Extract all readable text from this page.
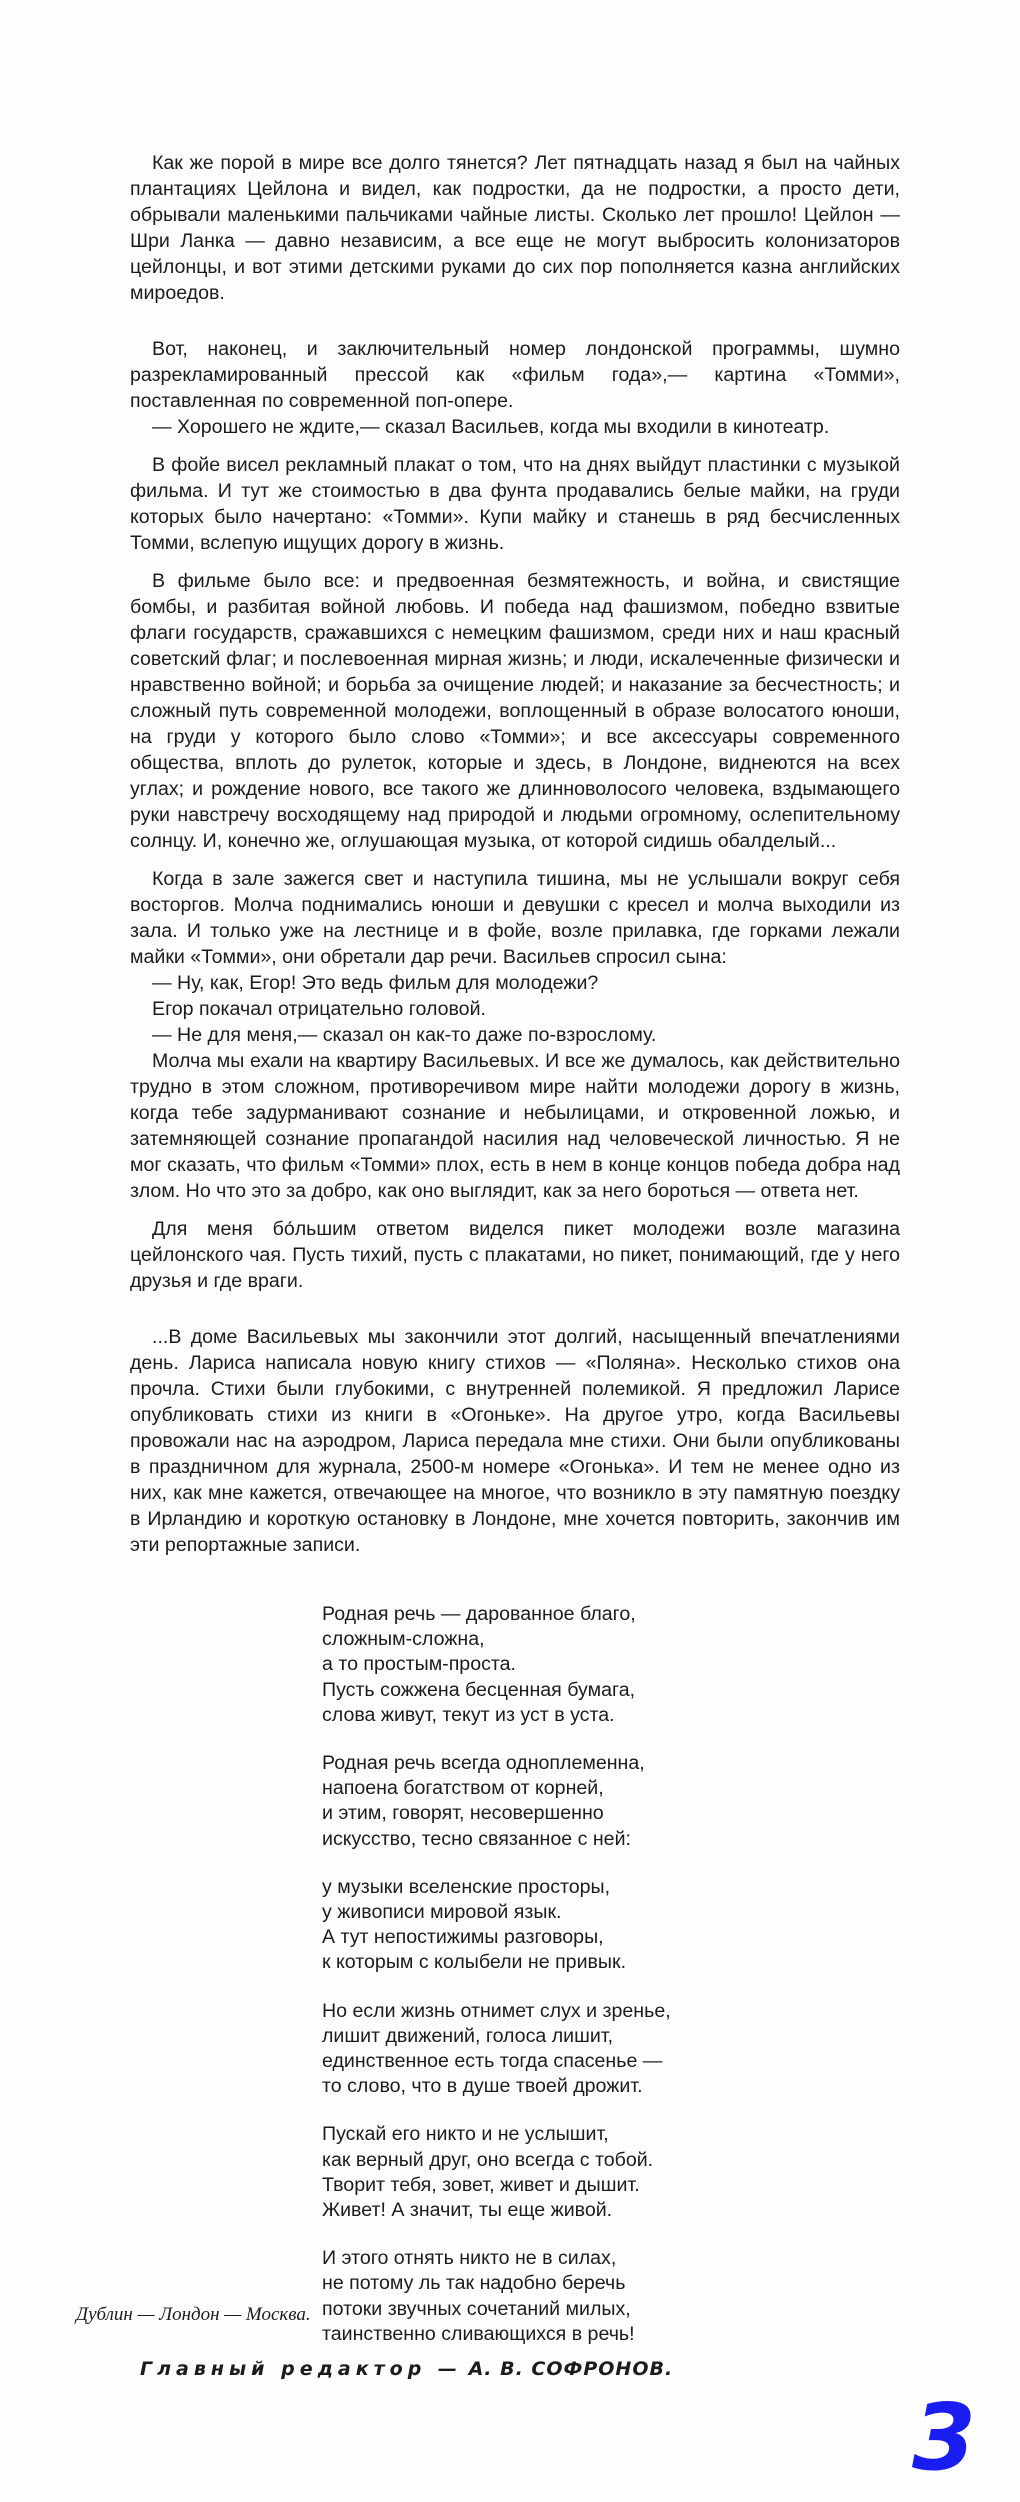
Как же порой в мире все долго тянется? Лет пятнадцать назад я был на чайных плантациях Цейлона и видел, как подростки, да не подростки, а просто дети, обрывали маленькими пальчиками чайные листы. Сколько лет прошло! Цейлон — Шри Ланка — давно независим, а все еще не могут выбросить колонизаторов цейлонцы, и вот этими детскими руками до сих пор пополняется казна английских мироедов.

Вот, наконец, и заключительный номер лондонской программы, шумно разрекламированный прессой как «фильм года»,— картина «Томми», поставленная по современной поп-опере.

— Хорошего не ждите,— сказал Васильев, когда мы входили в кинотеатр.

В фойе висел рекламный плакат о том, что на днях выйдут пластинки с музыкой фильма. И тут же стоимостью в два фунта продавались белые майки, на груди которых было начертано: «Томми». Купи майку и станешь в ряд бесчисленных Томми, вслепую ищущих дорогу в жизнь.

В фильме было все: и предвоенная безмятежность, и война, и свистящие бомбы, и разбитая войной любовь. И победа над фашизмом, победно взвитые флаги государств, сражавшихся с немецким фашизмом, среди них и наш красный советский флаг; и послевоенная мирная жизнь; и люди, искалеченные физически и нравственно войной; и борьба за очищение людей; и наказание за бесчестность; и сложный путь современной молодежи, воплощенный в образе волосатого юноши, на груди у которого было слово «Томми»; и все аксессуары современного общества, вплоть до рулеток, которые и здесь, в Лондоне, виднеются на всех углах; и рождение нового, все такого же длинноволосого человека, вздымающего руки навстречу восходящему над природой и людьми огромному, ослепительному солнцу. И, конечно же, оглушающая музыка, от которой сидишь обалделый...

Когда в зале зажегся свет и наступила тишина, мы не услышали вокруг себя восторгов. Молча поднимались юноши и девушки с кресел и молча выходили из зала. И только уже на лестнице и в фойе, возле прилавка, где горками лежали майки «Томми», они обретали дар речи. Васильев спросил сына:

— Ну, как, Егор! Это ведь фильм для молодежи?

Егор покачал отрицательно головой.

— Не для меня,— сказал он как-то даже по-взрослому.

Молча мы ехали на квартиру Васильевых. И все же думалось, как действительно трудно в этом сложном, противоречивом мире найти молодежи дорогу в жизнь, когда тебе задурманивают сознание и небылицами, и откровенной ложью, и затемняющей сознание пропагандой насилия над человеческой личностью. Я не мог сказать, что фильм «Томми» плох, есть в нем в конце концов победа добра над злом. Но что это за добро, как оно выглядит, как за него бороться — ответа нет.

Для меня бо́льшим ответом виделся пикет молодежи возле магазина цейлонского чая. Пусть тихий, пусть с плакатами, но пикет, понимающий, где у него друзья и где враги.

...В доме Васильевых мы закончили этот долгий, насыщенный впечатлениями день. Лариса написала новую книгу стихов — «Поляна». Несколько стихов она прочла. Стихи были глубокими, с внутренней полемикой. Я предложил Ларисе опубликовать стихи из книги в «Огоньке». На другое утро, когда Васильевы провожали нас на аэродром, Лариса передала мне стихи. Они были опубликованы в праздничном для журнала, 2500-м номере «Огонька». И тем не менее одно из них, как мне кажется, отвечающее на многое, что возникло в эту памятную поездку в Ирландию и короткую остановку в Лондоне, мне хочется повторить, закончив им эти репортажные записи.

Родная речь — дарованное благо,
сложным-сложна,
а то простым-проста.
Пусть сожжена бесценная бумага,
слова живут, текут из уст в уста.
Родная речь всегда одноплеменна,
напоена богатством от корней,
и этим, говорят, несовершенно
искусство, тесно связанное с ней:
у музыки вселенские просторы,
у живописи мировой язык.
А тут непостижимы разговоры,
к которым с колыбели не привык.
Но если жизнь отнимет слух и зренье,
лишит движений, голоса лишит,
единственное есть тогда спасенье —
то слово, что в душе твоей дрожит.
Пускай его никто и не услышит,
как верный друг, оно всегда с тобой.
Творит тебя, зовет, живет и дышит.
Живет! А значит, ты еще живой.
И этого отнять никто не в силах,
не потому ль так надобно беречь
потоки звучных сочетаний милых,
таинственно сливающихся в речь!
Дублин — Лондон — Москва.
Главный редактор — А. В. СОФРОНОВ.
3
